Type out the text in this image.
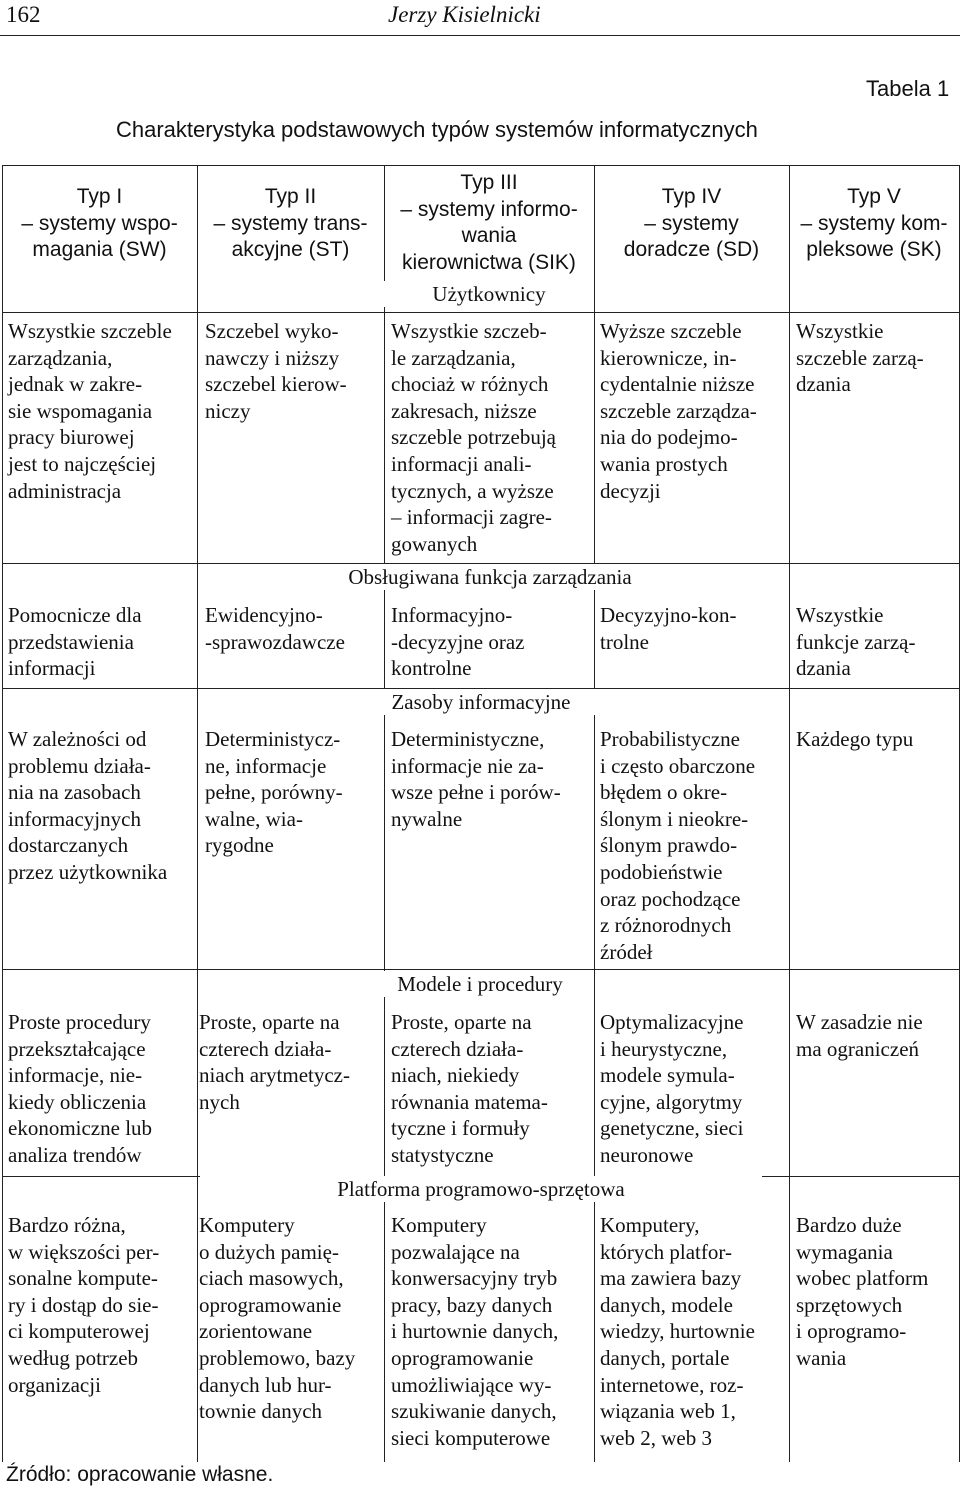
162	Jerzy Kisielnicki
Tabela 1
Charakterystyka podstawowych typów systemów informatycznych
Typ I
– systemy wspo-
magania (SW)
Typ II
– systemy trans-
akcyjne (ST)
Typ III
– systemy informo-
wania
kierownictwa (SIK)
Typ IV
– systemy
doradcze (SD)
Typ V
– systemy kom-
pleksowe (SK)
Użytkownicy
Wszystkie szczeble
zarządzania,
jednak w zakre-
sie wspomagania
pracy biurowej
jest to najczęściej
administracja
Szczebel wyko-
nawczy i niższy
szczebel kierow-
niczy
Wszystkie szczeb-
le zarządzania,
chociaż w różnych
zakresach, niższe
szczeble potrzebują
informacji anali-
tycznych, a wyższe
– informacji zagre-
gowanych
Wyższe szczeble
kierownicze, in-
cydentalnie niższe
szczeble zarządza-
nia do podejmo-
wania prostych
decyzji
Wszystkie
szczeble zarzą-
dzania
Obsługiwana funkcja zarządzania
Pomocnicze dla
przedstawienia
informacji
Ewidencyjno-
-sprawozdawcze
Informacyjno-
-decyzyjne oraz
kontrolne
Decyzyjno-kon-
trolne
Wszystkie
funkcje zarzą-
dzania
Zasoby informacyjne
W zależności od
problemu działa-
nia na zasobach
informacyjnych
dostarczanych
przez użytkownika
Deterministycz-
ne, informacje
pełne, porówny-
walne, wia-
rygodne
Deterministyczne,
informacje nie za-
wsze pełne i porów-
nywalne
Probabilistyczne
i często obarczone
błędem o okre-
ślonym i nieokre-
ślonym prawdo-
podobieństwie
oraz pochodzące
z różnorodnych
źródeł
Każdego typu
Modele i procedury
Proste procedury
przekształcające
informacje, nie-
kiedy obliczenia
ekonomiczne lub
analiza trendów
Proste, oparte na
czterech działa-
niach arytmetycz-
nych
Proste, oparte na
czterech działa-
niach, niekiedy
równania matema-
tyczne i formuły
statystyczne
Optymalizacyjne
i heurystyczne,
modele symula-
cyjne, algorytmy
genetyczne, sieci
neuronowe
W zasadzie nie
ma ograniczeń
Platforma programowo-sprzętowa
Bardzo różna,
w większości per-
sonalne kompute-
ry i dostąp do sie-
ci komputerowej
według potrzeb
organizacji
Komputery
o dużych pamię-
ciach masowych,
oprogramowanie
zorientowane
problemowo, bazy
danych lub hur-
townie danych
Komputery
pozwalające na
konwersacyjny tryb
pracy, bazy danych
i hurtownie danych,
oprogramowanie
umożliwiające wy-
szukiwanie danych,
sieci komputerowe
Komputery,
których platfor-
ma zawiera bazy
danych, modele
wiedzy, hurtownie
danych, portale
internetowe, roz-
wiązania web 1,
web 2, web 3
Bardzo duże
wymagania
wobec platform
sprzętowych
i oprogramo-
wania
Źródło: opracowanie własne.
